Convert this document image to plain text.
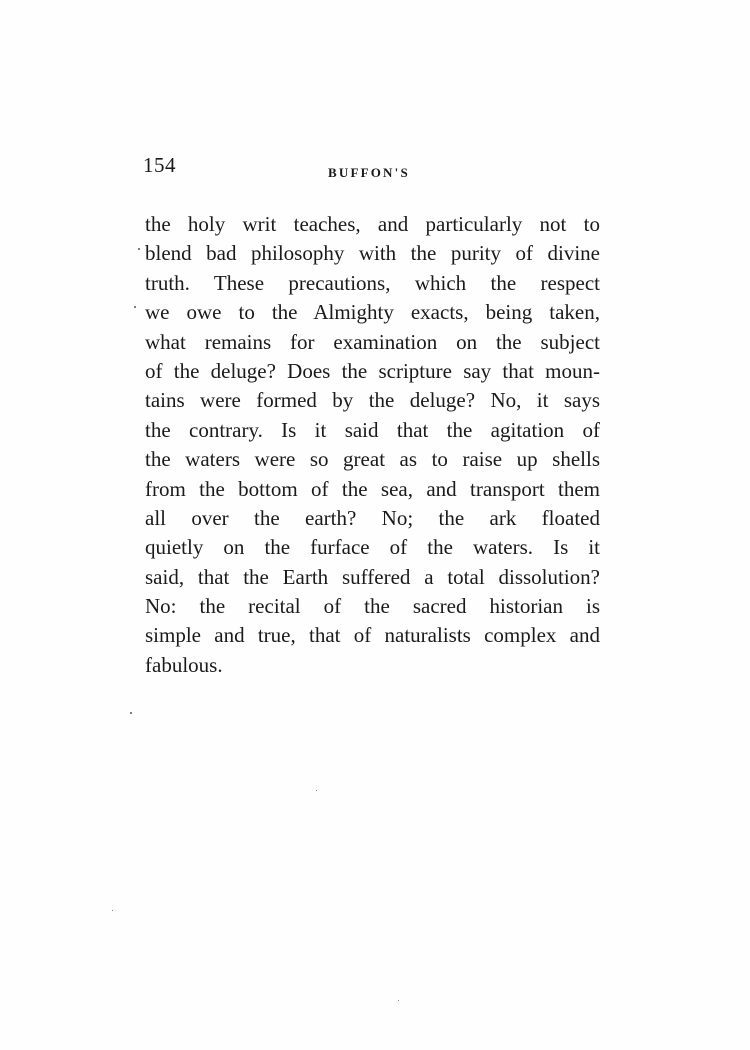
154	BUFFON'S
the holy writ teaches, and particularly not to
blend bad philosophy with the purity of divine
truth. These precautions, which the respect
we owe to the Almighty exacts, being taken,
what remains for examination on the subject
of the deluge? Does the scripture say that moun-
tains were formed by the deluge? No, it says
the contrary. Is it said that the agitation of
the waters were so great as to raise up shells
from the bottom of the sea, and transport them
all over the earth? No; the ark floated
quietly on the furface of the waters. Is it
said, that the Earth suffered a total dissolution?
No: the recital of the sacred historian is
simple and true, that of naturalists complex and
fabulous.
